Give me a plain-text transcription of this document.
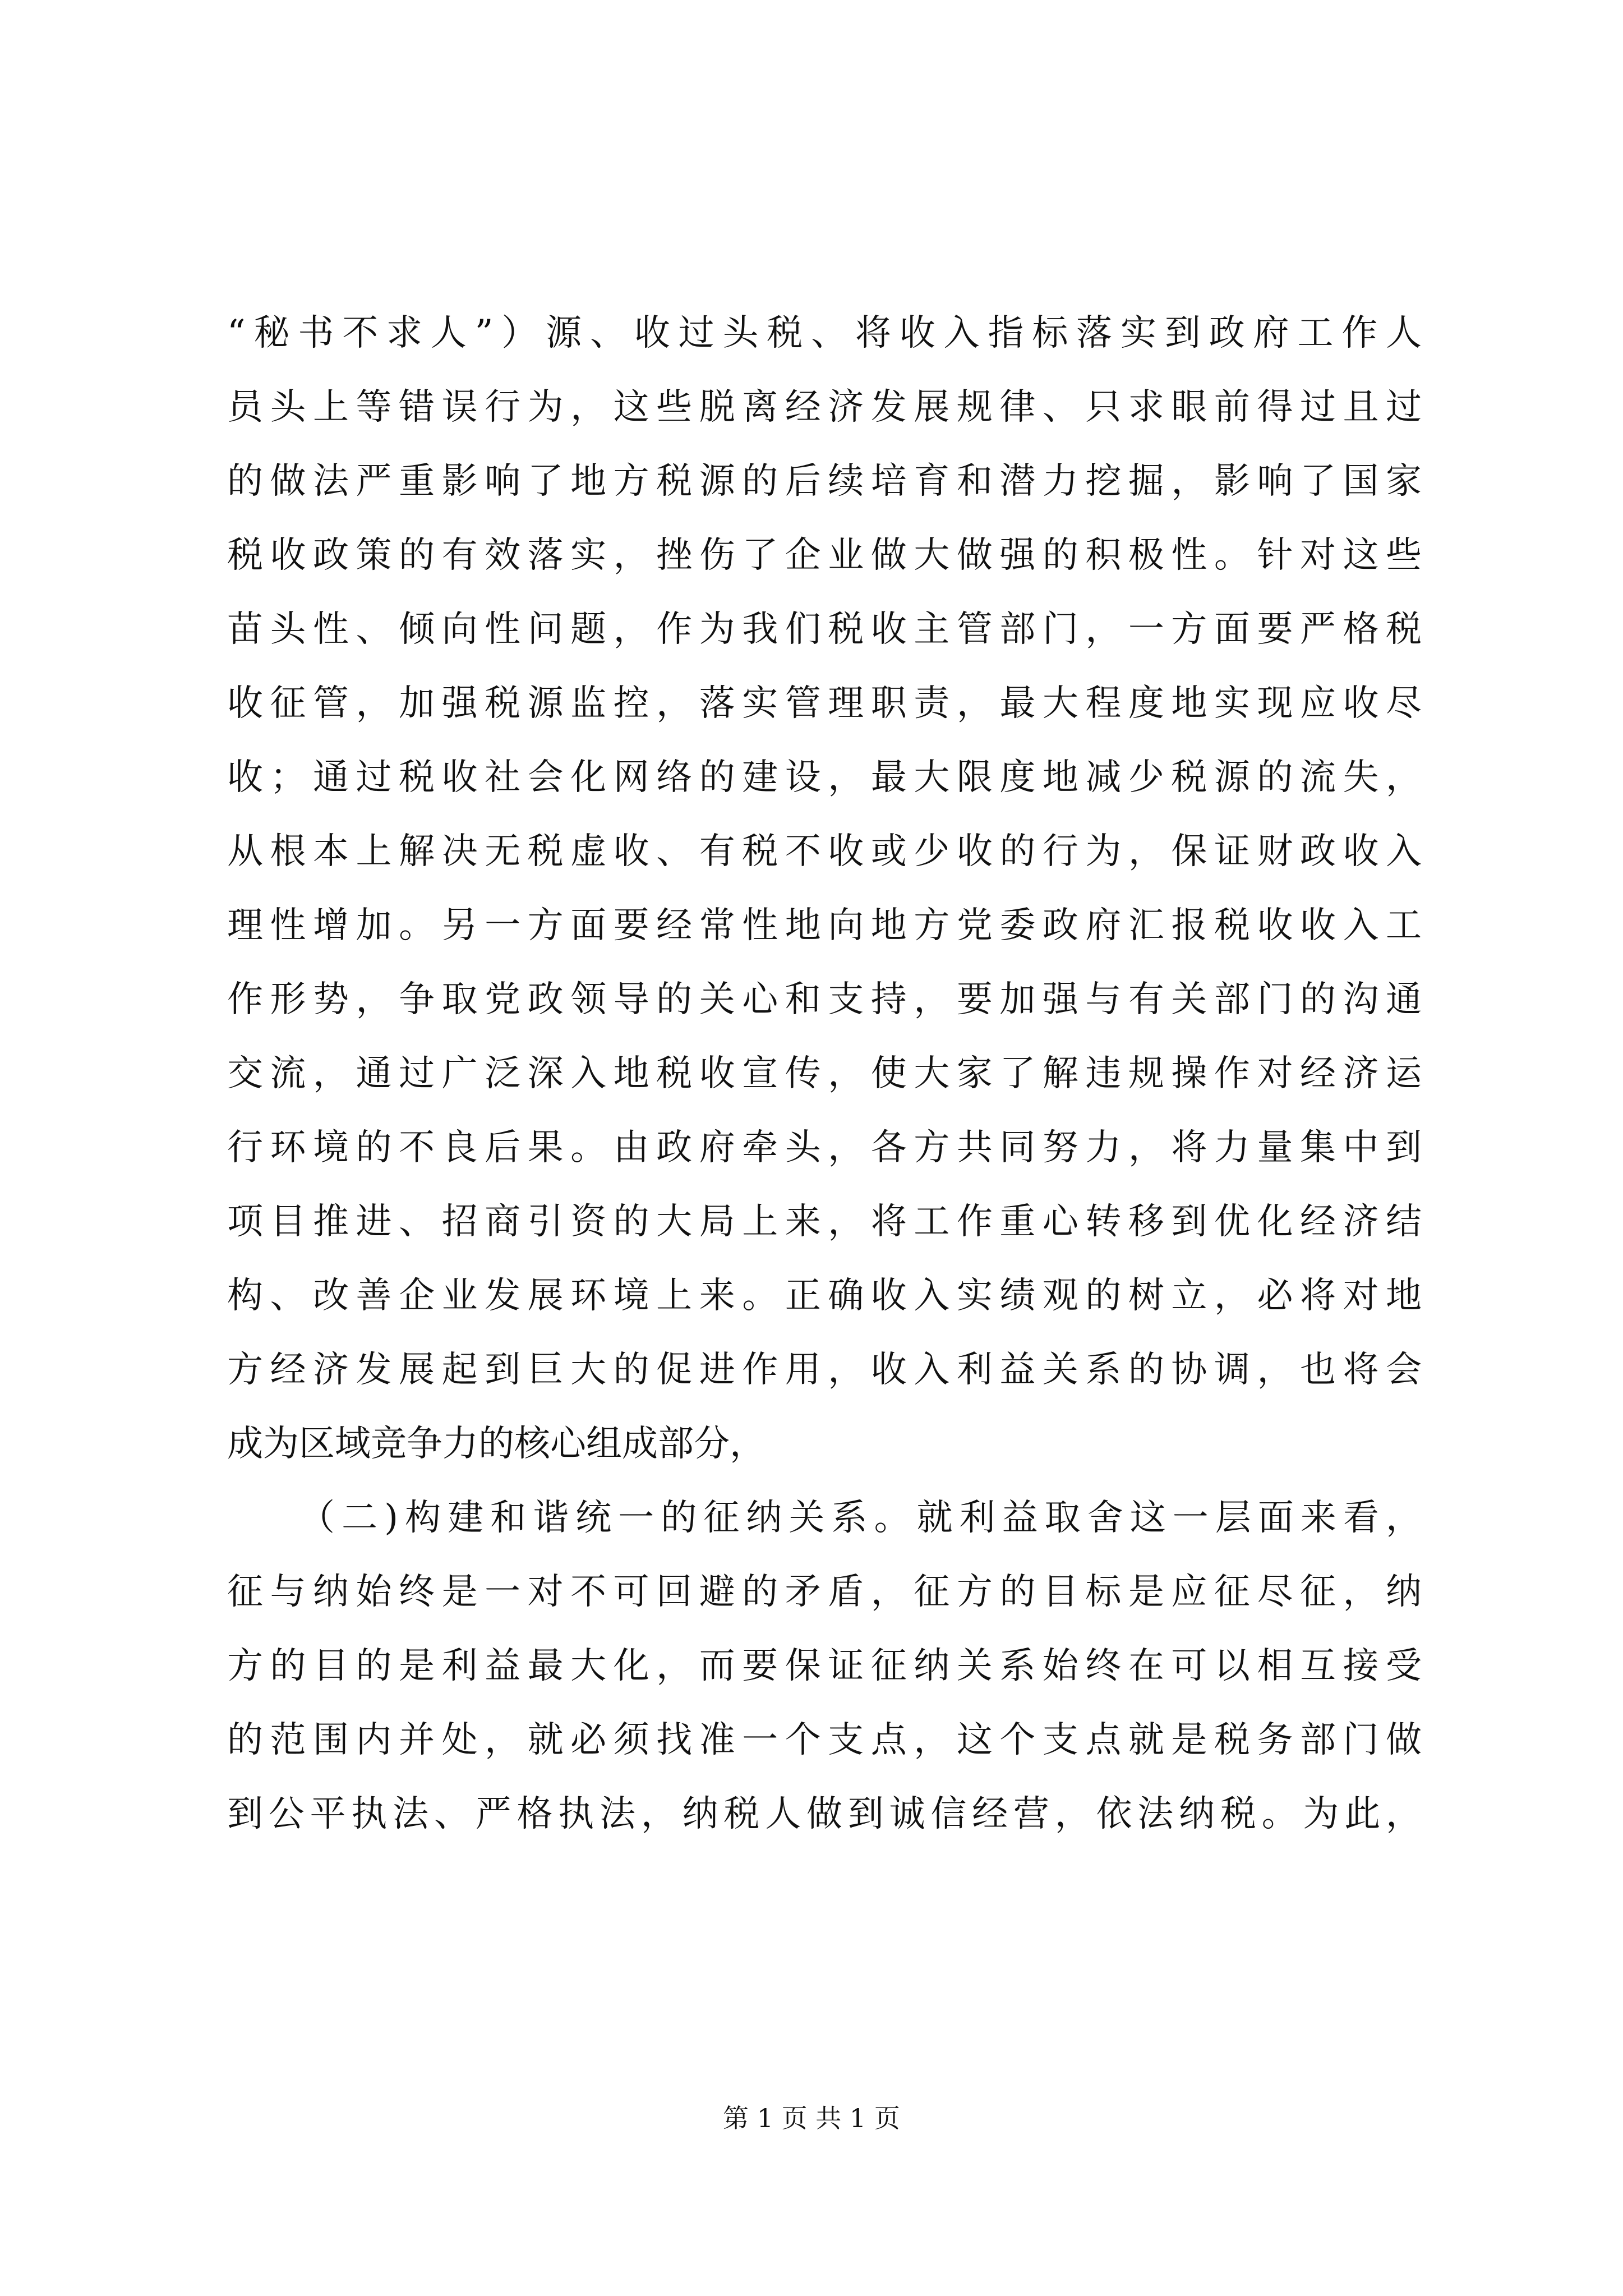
“秘书不求人”）源、收过头税、将收入指标落实到政府工作人
员头上等错误行为，这些脱离经济发展规律、只求眼前得过且过
的做法严重影响了地方税源的后续培育和潜力挖掘，影响了国家
税收政策的有效落实，挫伤了企业做大做强的积极性。针对这些
苗头性、倾向性问题，作为我们税收主管部门，一方面要严格税
收征管，加强税源监控，落实管理职责，最大程度地实现应收尽
收；通过税收社会化网络的建设，最大限度地减少税源的流失，
从根本上解决无税虚收、有税不收或少收的行为，保证财政收入
理性增加。另一方面要经常性地向地方党委政府汇报税收收入工
作形势，争取党政领导的关心和支持，要加强与有关部门的沟通
交流，通过广泛深入地税收宣传，使大家了解违规操作对经济运
行环境的不良后果。由政府牵头，各方共同努力，将力量集中到
项目推进、招商引资的大局上来，将工作重心转移到优化经济结
构、改善企业发展环境上来。正确收入实绩观的树立，必将对地
方经济发展起到巨大的促进作用，收入利益关系的协调，也将会
成为区域竞争力的核心组成部分，
（二)构建和谐统一的征纳关系。就利益取舍这一层面来看，
征与纳始终是一对不可回避的矛盾，征方的目标是应征尽征，纳
方的目的是利益最大化，而要保证征纳关系始终在可以相互接受
的范围内并处，就必须找准一个支点，这个支点就是税务部门做
到公平执法、严格执法，纳税人做到诚信经营，依法纳税。为此，
第 1 页 共 1 页
